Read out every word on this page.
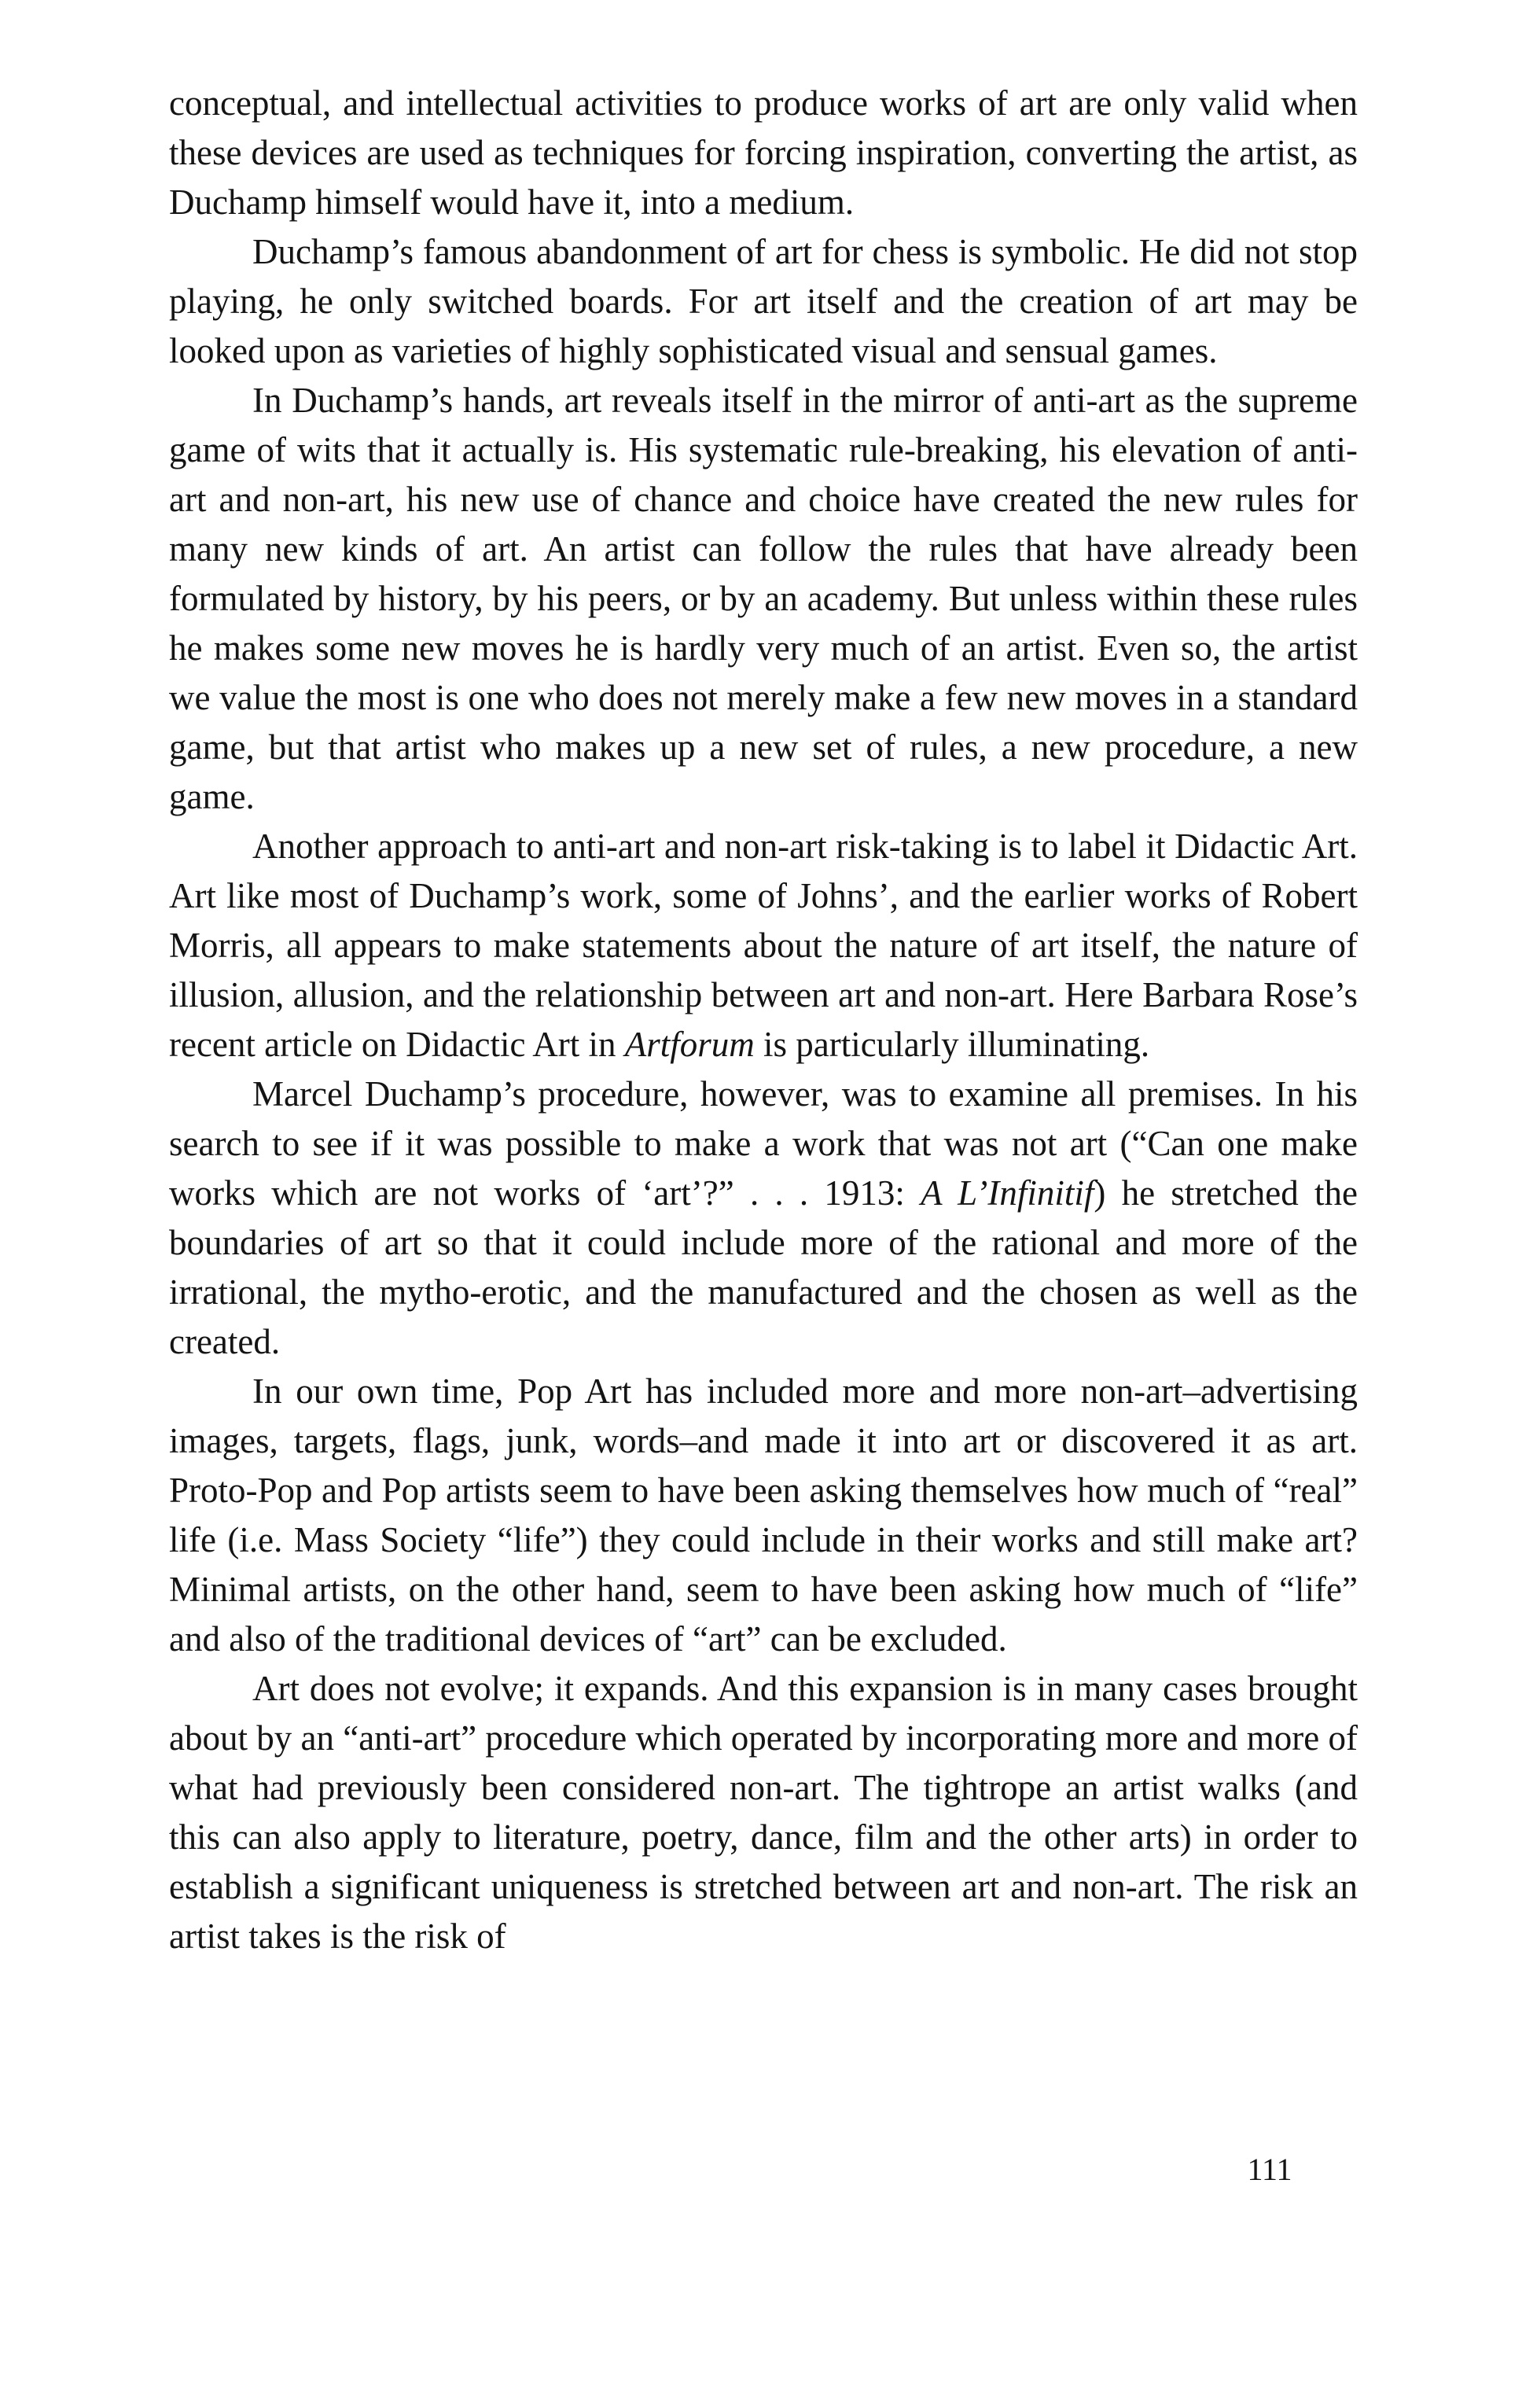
conceptual, and intellectual activities to produce works of art are only valid when these devices are used as techniques for forcing inspiration, converting the artist, as Duchamp himself would have it, into a medium.

Duchamp’s famous abandonment of art for chess is symbolic. He did not stop playing, he only switched boards. For art itself and the creation of art may be looked upon as varieties of highly sophisticated visual and sensual games.

In Duchamp’s hands, art reveals itself in the mirror of anti-art as the supreme game of wits that it actually is. His systematic rule-breaking, his elevation of anti-art and non-art, his new use of chance and choice have created the new rules for many new kinds of art. An artist can follow the rules that have already been formulated by history, by his peers, or by an academy. But unless within these rules he makes some new moves he is hardly very much of an artist. Even so, the artist we value the most is one who does not merely make a few new moves in a standard game, but that artist who makes up a new set of rules, a new procedure, a new game.

Another approach to anti-art and non-art risk-taking is to label it Didactic Art. Art like most of Duchamp’s work, some of Johns’, and the earlier works of Robert Morris, all appears to make statements about the nature of art itself, the nature of illusion, allusion, and the relationship between art and non-art. Here Barbara Rose’s recent article on Didactic Art in Artforum is particularly illuminating.

Marcel Duchamp’s procedure, however, was to examine all premises. In his search to see if it was possible to make a work that was not art (“Can one make works which are not works of ‘art’?” . . . 1913: A L’Infinitif) he stretched the boundaries of art so that it could include more of the rational and more of the irrational, the mytho-erotic, and the manufactured and the chosen as well as the created.

In our own time, Pop Art has included more and more non-art–advertising images, targets, flags, junk, words–and made it into art or discovered it as art. Proto-Pop and Pop artists seem to have been asking themselves how much of “real” life (i.e. Mass Society “life”) they could include in their works and still make art? Minimal artists, on the other hand, seem to have been asking how much of “life” and also of the traditional devices of “art” can be excluded.

Art does not evolve; it expands. And this expansion is in many cases brought about by an “anti-art” procedure which operated by incorporating more and more of what had previously been considered non-art. The tightrope an artist walks (and this can also apply to literature, poetry, dance, film and the other arts) in order to establish a significant uniqueness is stretched between art and non-art. The risk an artist takes is the risk of

111
